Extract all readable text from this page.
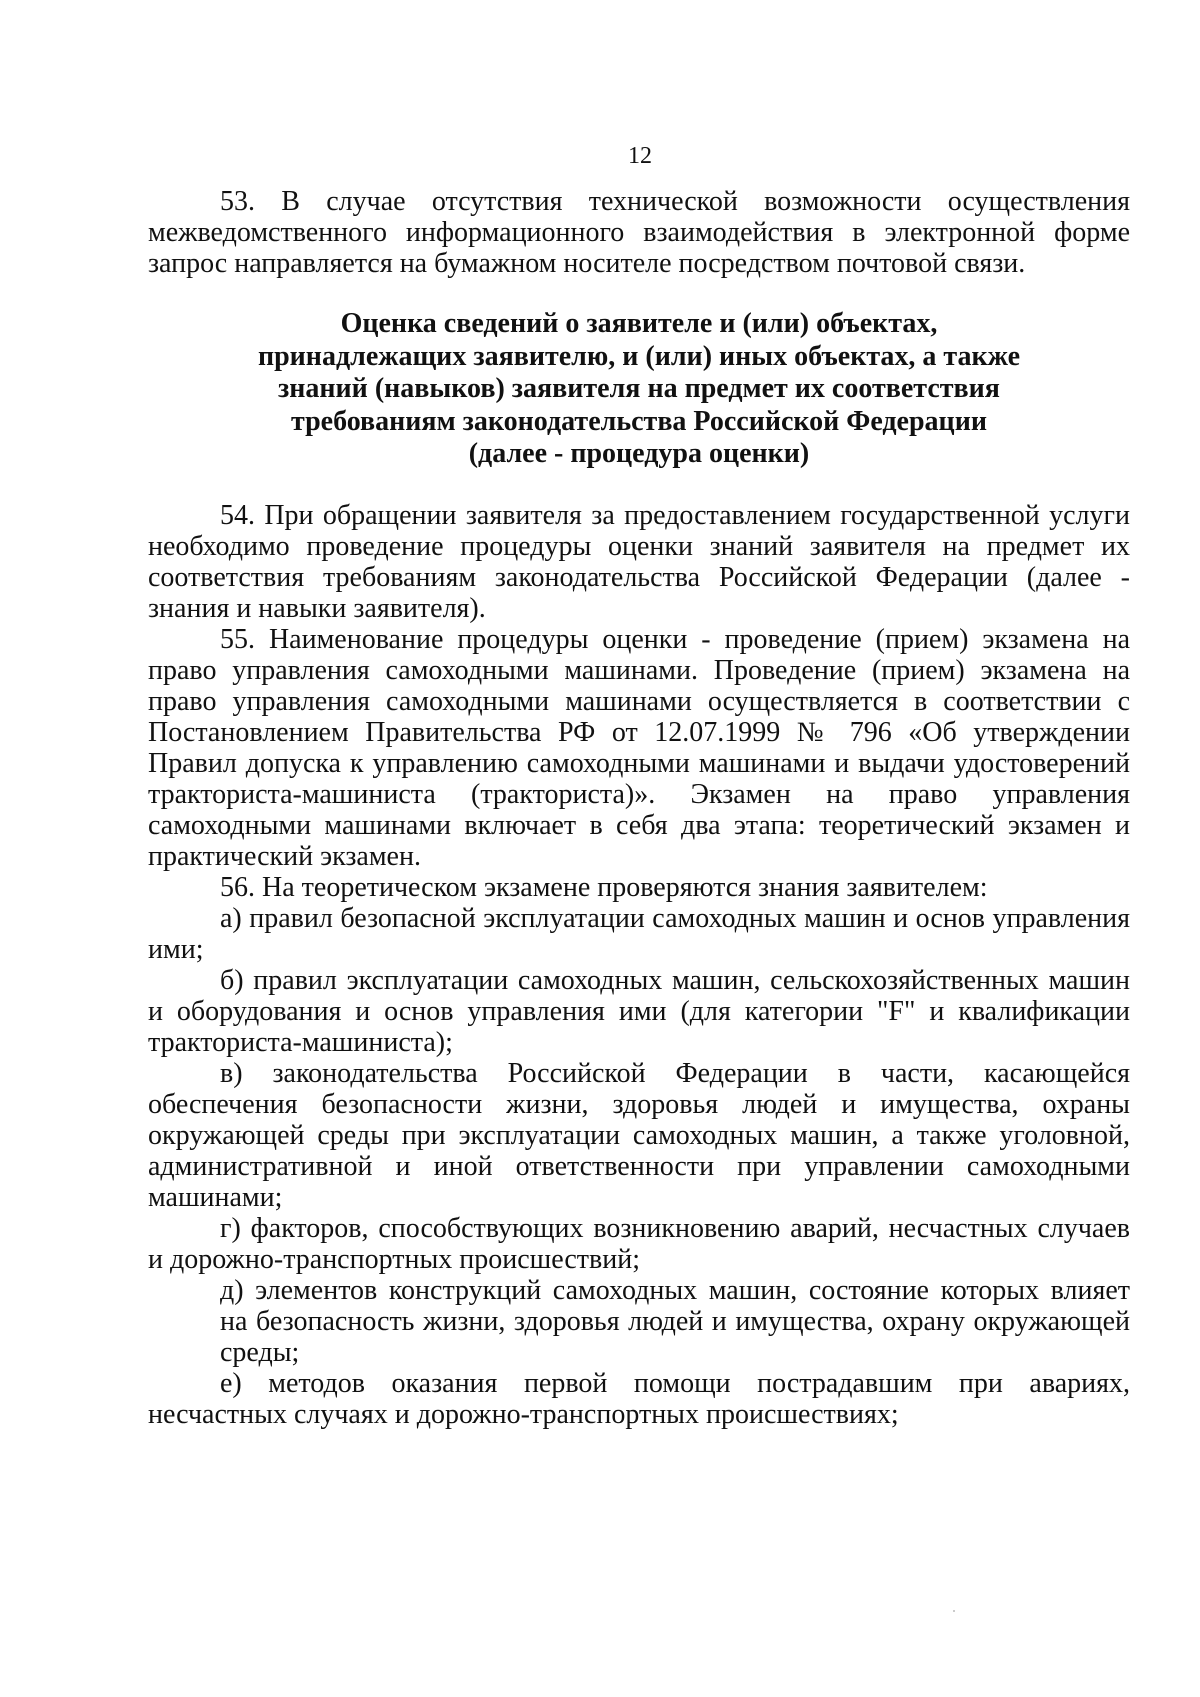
12

53. В случае отсутствия технической возможности осуществления межведомственного информационного взаимодействия в электронной форме запрос направляется на бумажном носителе посредством почтовой связи.

Оценка сведений о заявителе и (или) объектах,
принадлежащих заявителю, и (или) иных объектах, а также
знаний (навыков) заявителя на предмет их соответствия
требованиям законодательства Российской Федерации
(далее - процедура оценки)

54. При обращении заявителя за предоставлением государственной услуги необходимо проведение процедуры оценки знаний заявителя на предмет их соответствия требованиям законодательства Российской Федерации (далее - знания и навыки заявителя).

55. Наименование процедуры оценки - проведение (прием) экзамена на право управления самоходными машинами. Проведение (прием) экзамена на право управления самоходными машинами осуществляется в соответствии с Постановлением Правительства РФ от 12.07.1999 № 796 «Об утверждении Правил допуска к управлению самоходными машинами и выдачи удостоверений тракториста-машиниста (тракториста)». Экзамен на право управления самоходными машинами включает в себя два этапа: теоретический экзамен и практический экзамен.

56. На теоретическом экзамене проверяются знания заявителем:

а) правил безопасной эксплуатации самоходных машин и основ управления ими;

б) правил эксплуатации самоходных машин, сельскохозяйственных машин и оборудования и основ управления ими (для категории "F" и квалификации тракториста-машиниста);

в) законодательства Российской Федерации в части, касающейся обеспечения безопасности жизни, здоровья людей и имущества, охраны окружающей среды при эксплуатации самоходных машин, а также уголовной, административной и иной ответственности при управлении самоходными машинами;

г) факторов, способствующих возникновению аварий, несчастных случаев и дорожно-транспортных происшествий;

д) элементов конструкций самоходных машин, состояние которых влияет на безопасность жизни, здоровья людей и имущества, охрану окружающей среды;

е) методов оказания первой помощи пострадавшим при авариях, несчастных случаях и дорожно-транспортных происшествиях;
